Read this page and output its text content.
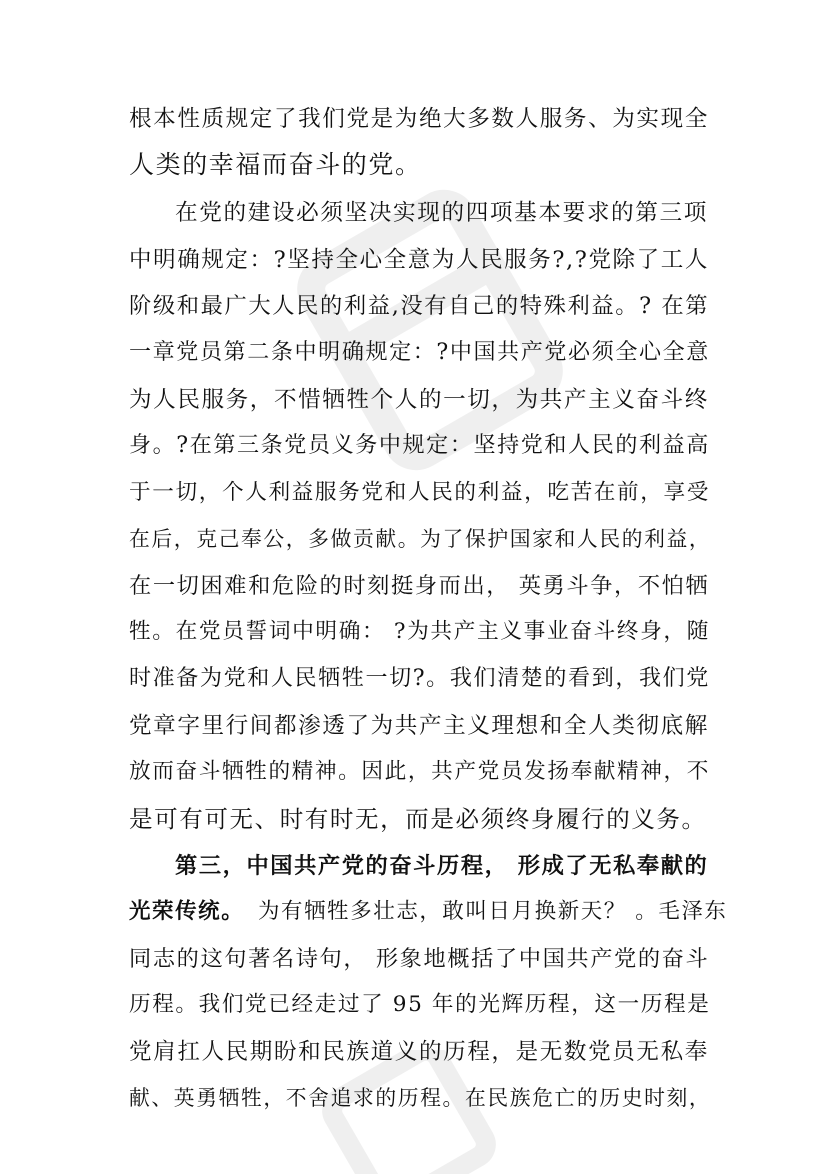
根本性质规定了我们党是为绝大多数人服务、为实现全
人类的幸福而奋斗的党。
在党的建设必须坚决实现的四项基本要求的第三项
中明确规定：?坚持全心全意为人民服务?,?党除了工人
阶级和最广大人民的利益,没有自己的特殊利益。? 在第
一章党员第二条中明确规定：?中国共产党必须全心全意
为人民服务，不惜牺牲个人的一切，为共产主义奋斗终
身。?在第三条党员义务中规定：坚持党和人民的利益高
于一切，个人利益服务党和人民的利益，吃苦在前，享受
在后，克己奉公，多做贡献。为了保护国家和人民的利益，
在一切困难和危险的时刻挺身而出， 英勇斗争，不怕牺
牲。在党员誓词中明确： ?为共产主义事业奋斗终身，随
时准备为党和人民牺牲一切?。我们清楚的看到，我们党
党章字里行间都渗透了为共产主义理想和全人类彻底解
放而奋斗牺牲的精神。因此，共产党员发扬奉献精神，不
是可有可无、时有时无，而是必须终身履行的义务。
第三，中国共产党的奋斗历程， 形成了无私奉献的
光荣传统。 为有牺牲多壮志，敢叫日月换新天？ 。毛泽东
同志的这句著名诗句， 形象地概括了中国共产党的奋斗
历程。我们党已经走过了 95 年的光辉历程，这一历程是
党肩扛人民期盼和民族道义的历程，是无数党员无私奉
献、英勇牺牲，不舍追求的历程。在民族危亡的历史时刻，
